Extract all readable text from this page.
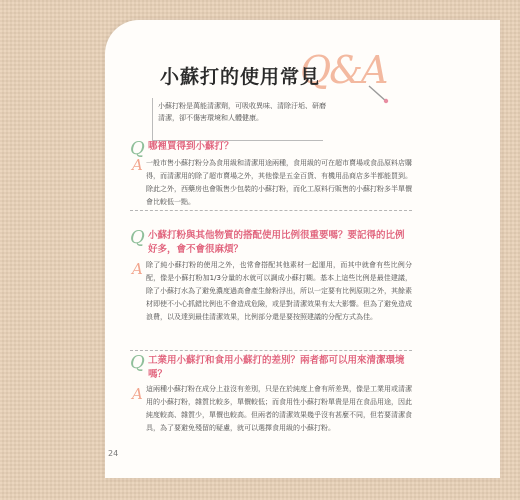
Q&A
小蘇打的使用常見
小蘇打粉是萬能清潔劑，可吸收異味、清除汙垢、研磨清潔，卻不傷害環境和人體健康。
Q 哪裡買得到小蘇打？
A 一般市售小蘇打粉分為食用級和清潔用途兩種，食用級的可在超市賣場或食品原料店購得，而清潔用的除了超市賣場之外，其他像是五金百貨、有機用品商店多半都能買到。除此之外，西藥房也會販售少包裝的小蘇打粉，而化工原料行販售的小蘇打粉多半單價會比較低一點。
Q 小蘇打粉與其他物質的搭配使用比例很重要嗎？要記得的比例好多，會不會很麻煩？
A 除了純小蘇打粉的使用之外，也常會搭配其他素材一起運用，而其中就會有些比例分配，像是小蘇打粉加1/3分量的水就可以調成小蘇打糊。基本上這些比例是最佳建議，除了小蘇打水為了避免濃度過高會產生餘粉浮出，所以一定要有比例原則之外，其餘素材即使不小心抓錯比例也不會造成危險，或是對清潔效果有太大影響。但為了避免造成浪費，以及達到最佳清潔效果，比例部分還是要按照建議的分配方式為佳。
Q 工業用小蘇打和食用小蘇打的差別？兩者都可以用來清潔環境嗎？
A 這兩種小蘇打粉在成分上並沒有差別，只是在於純度上會有所差異，像是工業用或清潔用的小蘇打粉，雜質比較多，單價較低；而食用性小蘇打粉單貴是用在食品用途，因此純度較高、雜質少，單價也較高。但兩者的清潔效果幾乎沒有甚麼不同，但若要清潔食具，為了要避免殘留的疑慮，就可以選擇食用級的小蘇打粉。
24
